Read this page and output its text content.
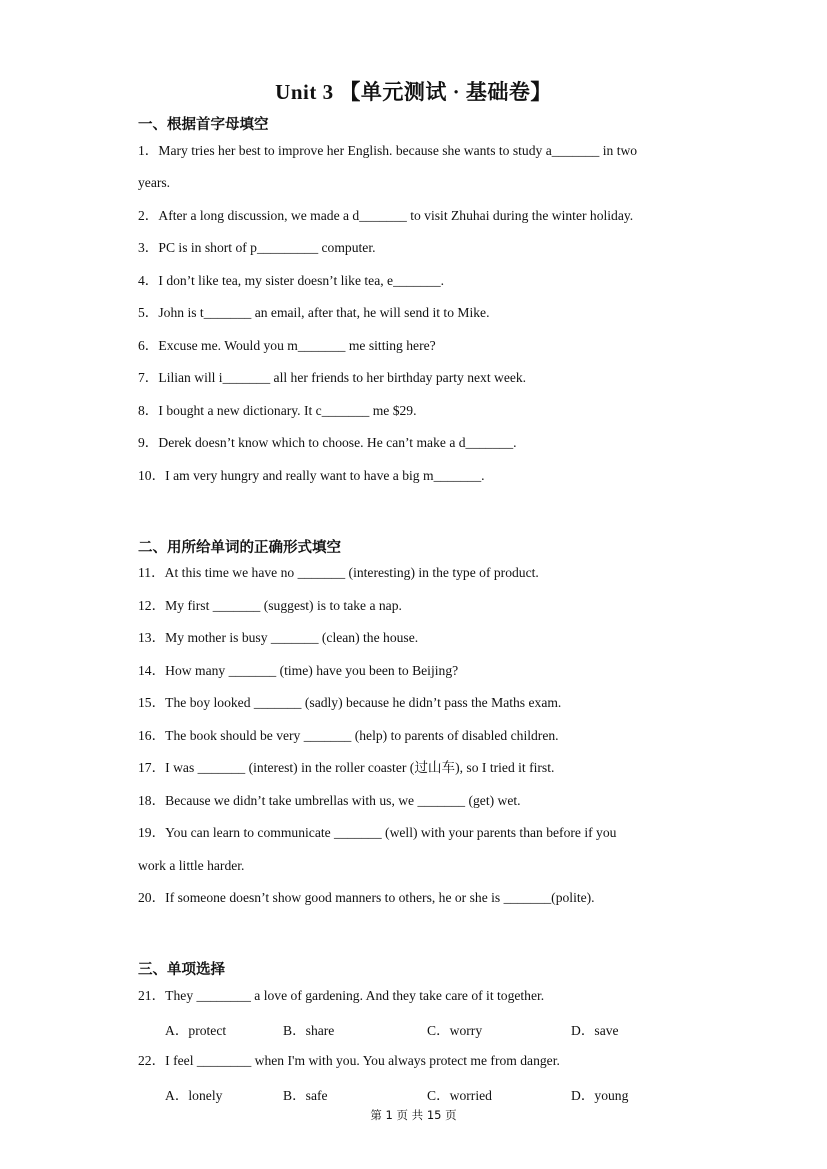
Unit 3 【单元测试 · 基础卷】
一、根据首字母填空
1．Mary tries her best to improve her English. because she wants to study a_______ in two
years.
2．After a long discussion, we made a d_______ to visit Zhuhai during the winter holiday.
3．PC is in short of p_________ computer.
4．I don’t like tea, my sister doesn’t like tea, e_______.
5．John is t_______ an email, after that, he will send it to Mike.
6．Excuse me. Would you m_______ me sitting here?
7．Lilian will i_______ all her friends to her birthday party next week.
8．I bought a new dictionary. It c_______ me $29.
9．Derek doesn’t know which to choose. He can’t make a d_______.
10．I am very hungry and really want to have a big m_______.
二、用所给单词的正确形式填空
11．At this time we have no _______ (interesting) in the type of product.
12．My first _______ (suggest) is to take a nap.
13．My mother is busy _______ (clean) the house.
14．How many _______ (time) have you been to Beijing?
15．The boy looked _______ (sadly) because he didn’t pass the Maths exam.
16．The book should be very _______ (help) to parents of disabled children.
17．I was _______ (interest) in the roller coaster (过山车), so I tried it first.
18．Because we didn’t take umbrellas with us, we _______ (get) wet.
19．You can learn to communicate _______ (well) with your parents than before if you
work a little harder.
20．If someone doesn’t show good manners to others, he or she is _______(polite).
三、单项选择
21．They ________ a love of gardening. And they take care of it together.
A．protect	B．share	C．worry	D．save
22．I feel ________ when I'm with you. You always protect me from danger.
A．lonely	B．safe	C．worried	D．young
第 1 页 共 15 页
